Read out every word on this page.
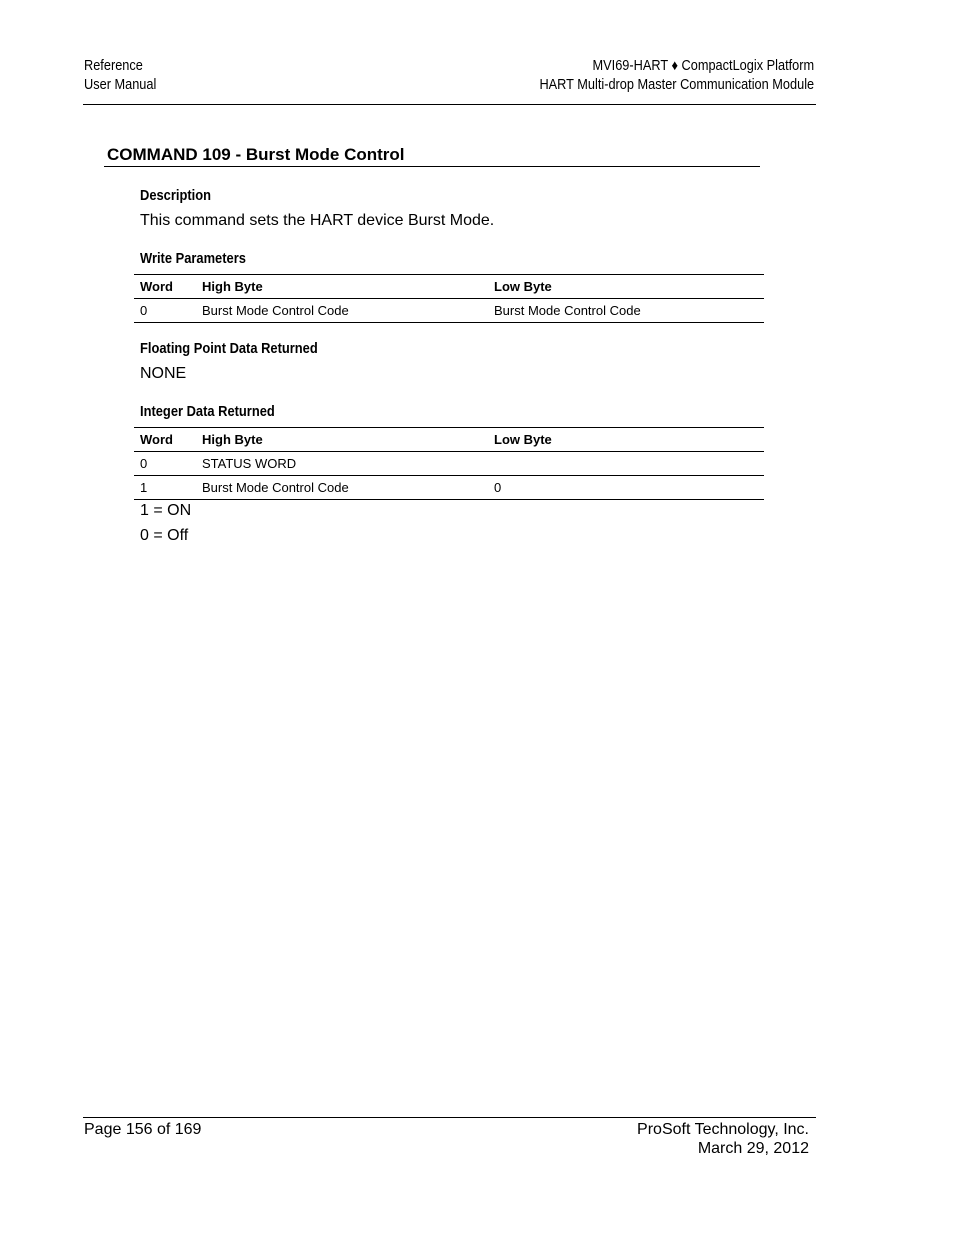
Reference
User Manual
MVI69-HART ♦ CompactLogix Platform
HART Multi-drop Master Communication Module
COMMAND 109 - Burst Mode Control
Description
This command sets the HART device Burst Mode.
Write Parameters
Word	High Byte	Low Byte
0	Burst Mode Control Code	Burst Mode Control Code
Floating Point Data Returned
NONE
Integer Data Returned
Word	High Byte	Low Byte
0	STATUS WORD	
1	Burst Mode Control Code	0
1 = ON
0 = Off
Page 156 of 169	ProSoft Technology, Inc.
March 29, 2012
